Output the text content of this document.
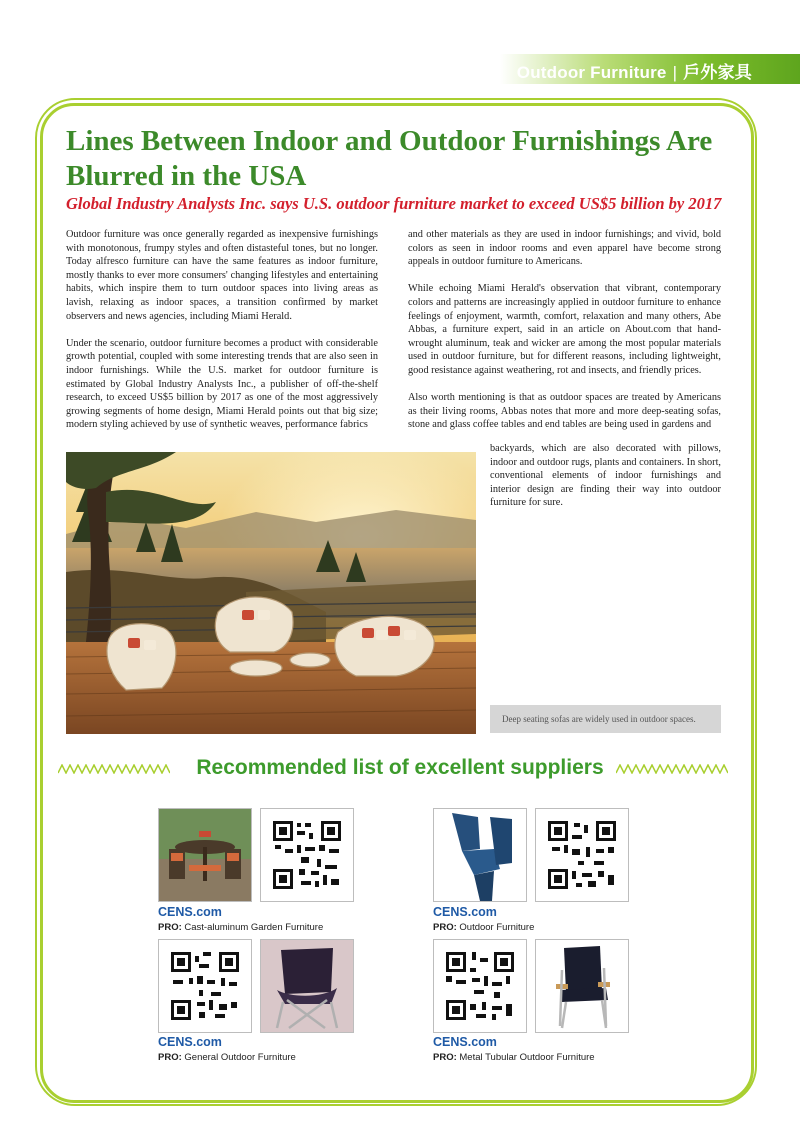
Outdoor Furniture | 戶外家具
Lines Between Indoor and Outdoor Furnishings Are Blurred in the USA
Global Industry Analysts Inc. says U.S. outdoor furniture market to exceed US$5 billion by 2017

Outdoor furniture was once generally regarded as inexpensive furnishings with monotonous, frumpy styles and often distasteful tones, but no longer. Today alfresco furniture can have the same features as indoor furniture, mostly thanks to ever more consumers' changing lifestyles and entertaining habits, which inspire them to turn outdoor spaces into living areas as lavish, relaxing as indoor spaces, a transition confirmed by market observers and news agencies, including Miami Herald.

Under the scenario, outdoor furniture becomes a product with considerable growth potential, coupled with some interesting trends that are also seen in indoor furnishings. While the U.S. market for outdoor furniture is estimated by Global Industry Analysts Inc., a publisher of off-the-shelf research, to exceed US$5 billion by 2017 as one of the most aggressively growing segments of home design, Miami Herald points out that big size; modern styling achieved by use of synthetic weaves, performance fabrics

and other materials as they are used in indoor furnishings; and vivid, bold colors as seen in indoor rooms and even apparel have become strong appeals in outdoor furniture to Americans.

While echoing Miami Herald's observation that vibrant, contemporary colors and patterns are increasingly applied in outdoor furniture to enhance feelings of enjoyment, warmth, comfort, relaxation and many others, Abe Abbas, a furniture expert, said in an article on About.com that hand-wrought aluminum, teak and wicker are among the most popular materials used in outdoor furniture, but for different reasons, including lightweight, good resistance against weathering, rot and insects, and friendly prices.

Also worth mentioning is that as outdoor spaces are treated by Americans as their living rooms, Abbas notes that more and more deep-seating sofas, stone and glass coffee tables and end tables are being used in gardens and

backyards, which are also decorated with pillows, indoor and outdoor rugs, plants and containers. In short, conventional elements of indoor furnishings and interior design are finding their way into outdoor furniture for sure.

Deep seating sofas are widely used in outdoor spaces.
Recommended list of excellent suppliers
CENS.com
PRO: Cast-aluminum Garden Furniture
CENS.com
PRO: Outdoor Furniture
CENS.com
PRO: General Outdoor Furniture
CENS.com
PRO: Metal Tubular Outdoor Furniture
